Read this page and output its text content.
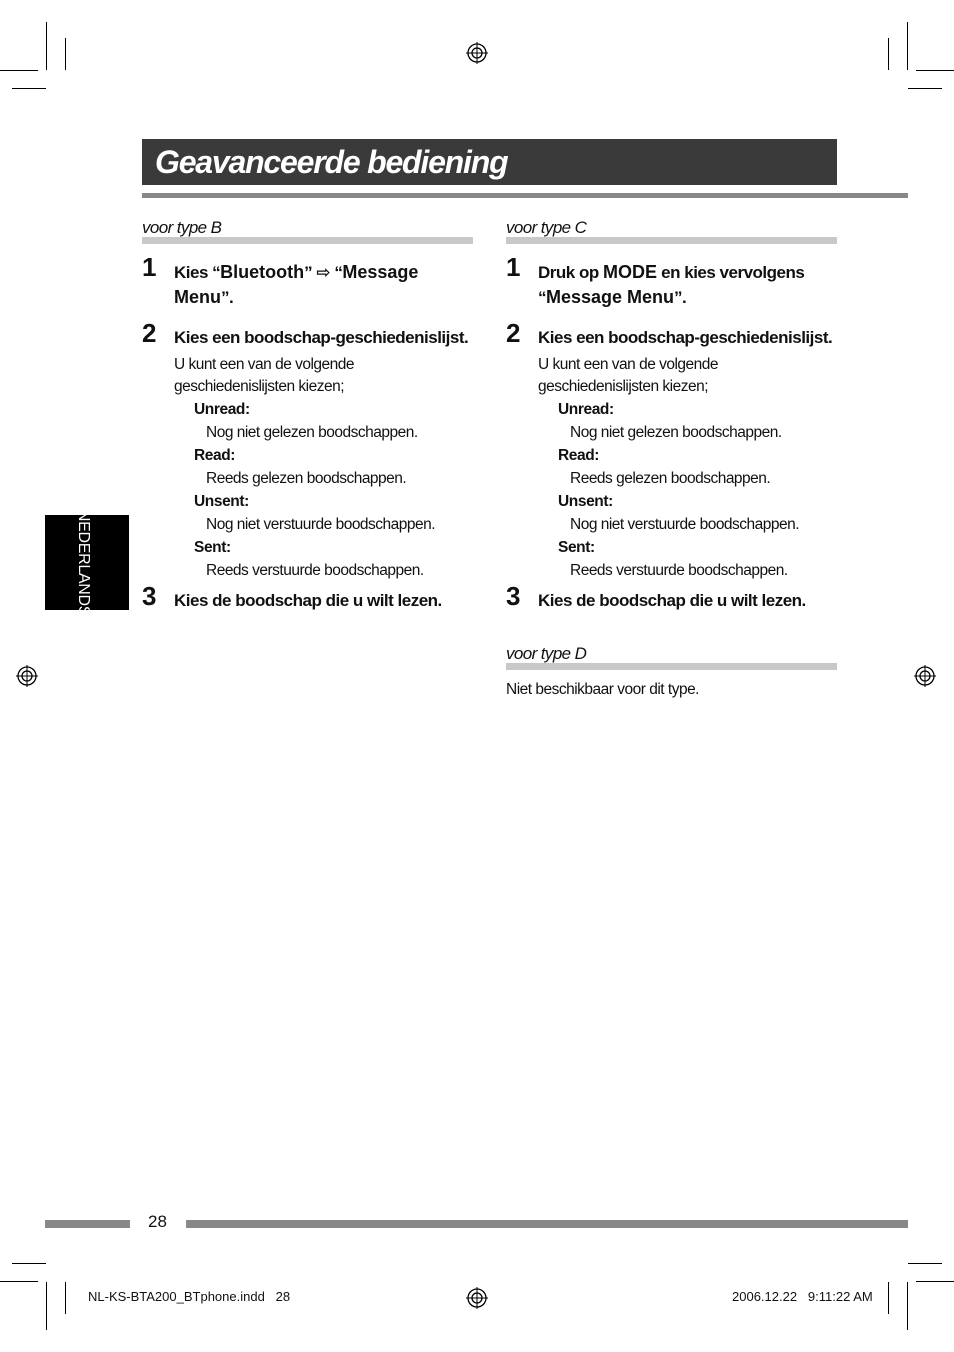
Geavanceerde bediening
NEDERLANDS
voor type B
1 Kies “Bluetooth” ⇨ “Message Menu”.
2 Kies een boodschap-geschiedenislijst.
U kunt een van de volgende geschiedenislijsten kiezen;
Unread:
Nog niet gelezen boodschappen.
Read:
Reeds gelezen boodschappen.
Unsent:
Nog niet verstuurde boodschappen.
Sent:
Reeds verstuurde boodschappen.
3 Kies de boodschap die u wilt lezen.
voor type C
1 Druk op MODE en kies vervolgens “Message Menu”.
2 Kies een boodschap-geschiedenislijst.
U kunt een van de volgende geschiedenislijsten kiezen;
Unread:
Nog niet gelezen boodschappen.
Read:
Reeds gelezen boodschappen.
Unsent:
Nog niet verstuurde boodschappen.
Sent:
Reeds verstuurde boodschappen.
3 Kies de boodschap die u wilt lezen.
voor type D
Niet beschikbaar voor dit type.
28
NL-KS-BTA200_BTphone.indd   28	2006.12.22   9:11:22 AM
